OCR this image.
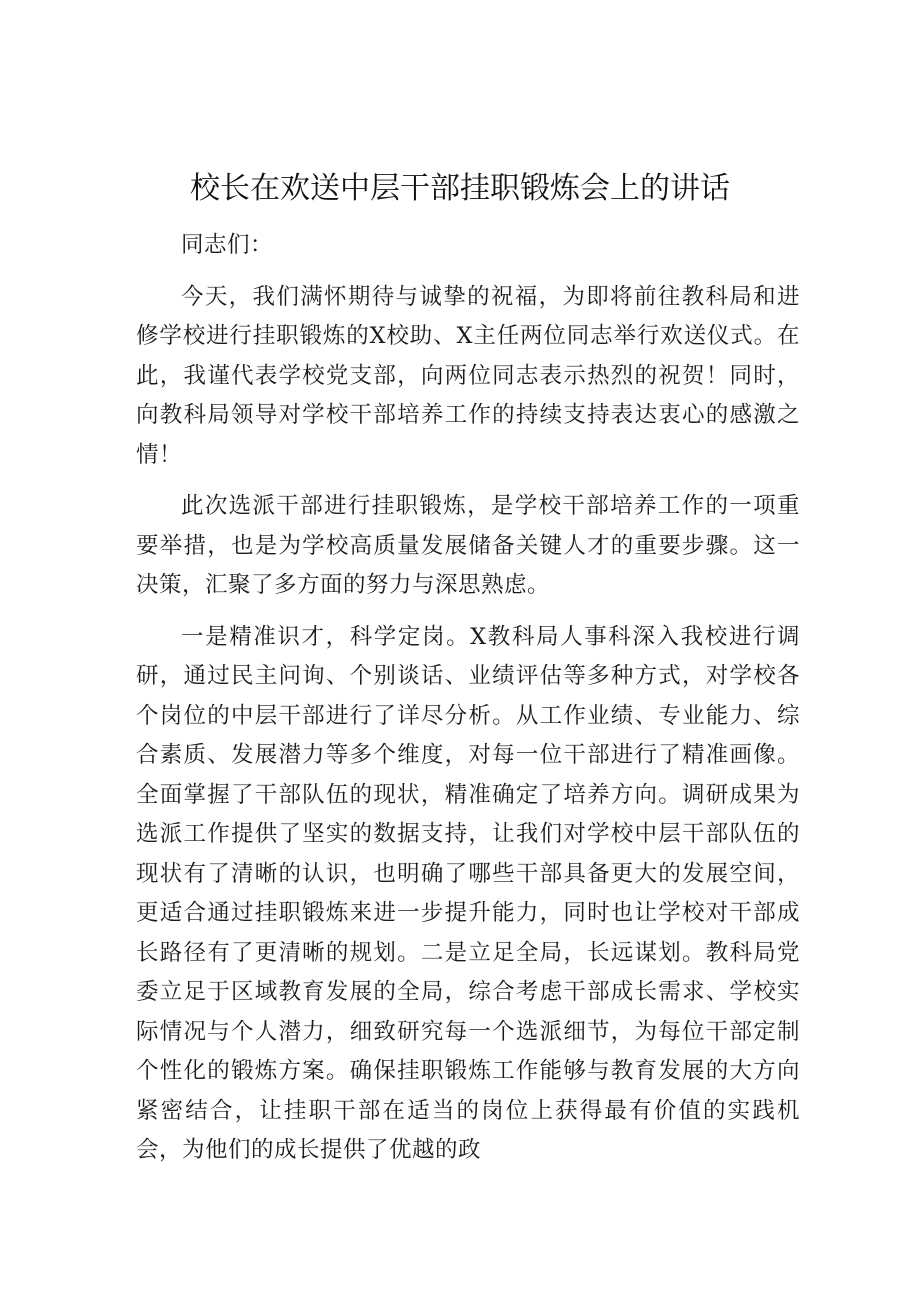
校长在欢送中层干部挂职锻炼会上的讲话

同志们：

今天，我们满怀期待与诚挚的祝福，为即将前往教科局和进修学校进行挂职锻炼的X校助、X主任两位同志举行欢送仪式。在此，我谨代表学校党支部，向两位同志表示热烈的祝贺！同时，向教科局领导对学校干部培养工作的持续支持表达衷心的感激之情！

此次选派干部进行挂职锻炼，是学校干部培养工作的一项重要举措，也是为学校高质量发展储备关键人才的重要步骤。这一决策，汇聚了多方面的努力与深思熟虑。

一是精准识才，科学定岗。X教科局人事科深入我校进行调研，通过民主问询、个别谈话、业绩评估等多种方式，对学校各个岗位的中层干部进行了详尽分析。从工作业绩、专业能力、综合素质、发展潜力等多个维度，对每一位干部进行了精准画像。全面掌握了干部队伍的现状，精准确定了培养方向。调研成果为选派工作提供了坚实的数据支持，让我们对学校中层干部队伍的现状有了清晰的认识，也明确了哪些干部具备更大的发展空间，更适合通过挂职锻炼来进一步提升能力，同时也让学校对干部成长路径有了更清晰的规划。二是立足全局，长远谋划。教科局党委立足于区域教育发展的全局，综合考虑干部成长需求、学校实际情况与个人潜力，细致研究每一个选派细节，为每位干部定制个性化的锻炼方案。确保挂职锻炼工作能够与教育发展的大方向紧密结合，让挂职干部在适当的岗位上获得最有价值的实践机会，为他们的成长提供了优越的政
